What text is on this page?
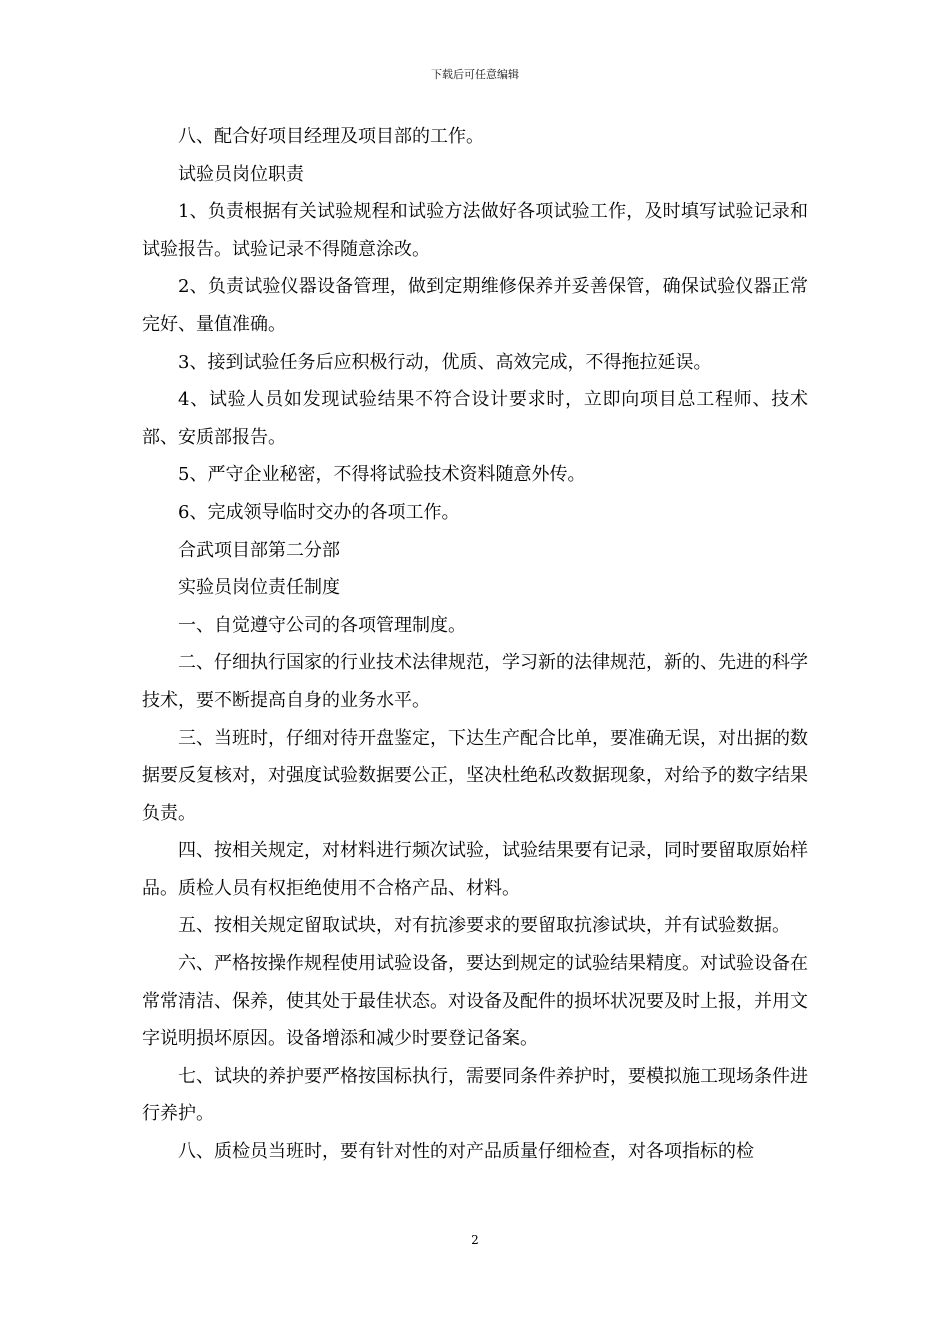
下载后可任意编辑

八、配合好项目经理及项目部的工作。

试验员岗位职责

1、负责根据有关试验规程和试验方法做好各项试验工作，及时填写试验记录和试验报告。试验记录不得随意涂改。

2、负责试验仪器设备管理，做到定期维修保养并妥善保管，确保试验仪器正常完好、量值准确。

3、接到试验任务后应积极行动，优质、高效完成，不得拖拉延误。

4、试验人员如发现试验结果不符合设计要求时，立即向项目总工程师、技术部、安质部报告。

5、严守企业秘密，不得将试验技术资料随意外传。

6、完成领导临时交办的各项工作。

合武项目部第二分部

实验员岗位责任制度

一、自觉遵守公司的各项管理制度。

二、仔细执行国家的行业技术法律规范，学习新的法律规范，新的、先进的科学技术，要不断提高自身的业务水平。

三、当班时，仔细对待开盘鉴定，下达生产配合比单，要准确无误，对出据的数据要反复核对，对强度试验数据要公正，坚决杜绝私改数据现象，对给予的数字结果负责。

四、按相关规定，对材料进行频次试验，试验结果要有记录，同时要留取原始样品。质检人员有权拒绝使用不合格产品、材料。

五、按相关规定留取试块，对有抗渗要求的要留取抗渗试块，并有试验数据。

六、严格按操作规程使用试验设备，要达到规定的试验结果精度。对试验设备在常常清洁、保养，使其处于最佳状态。对设备及配件的损坏状况要及时上报，并用文字说明损坏原因。设备增添和减少时要登记备案。

七、试块的养护要严格按国标执行，需要同条件养护时，要模拟施工现场条件进行养护。

八、质检员当班时，要有针对性的对产品质量仔细检查，对各项指标的检

2
